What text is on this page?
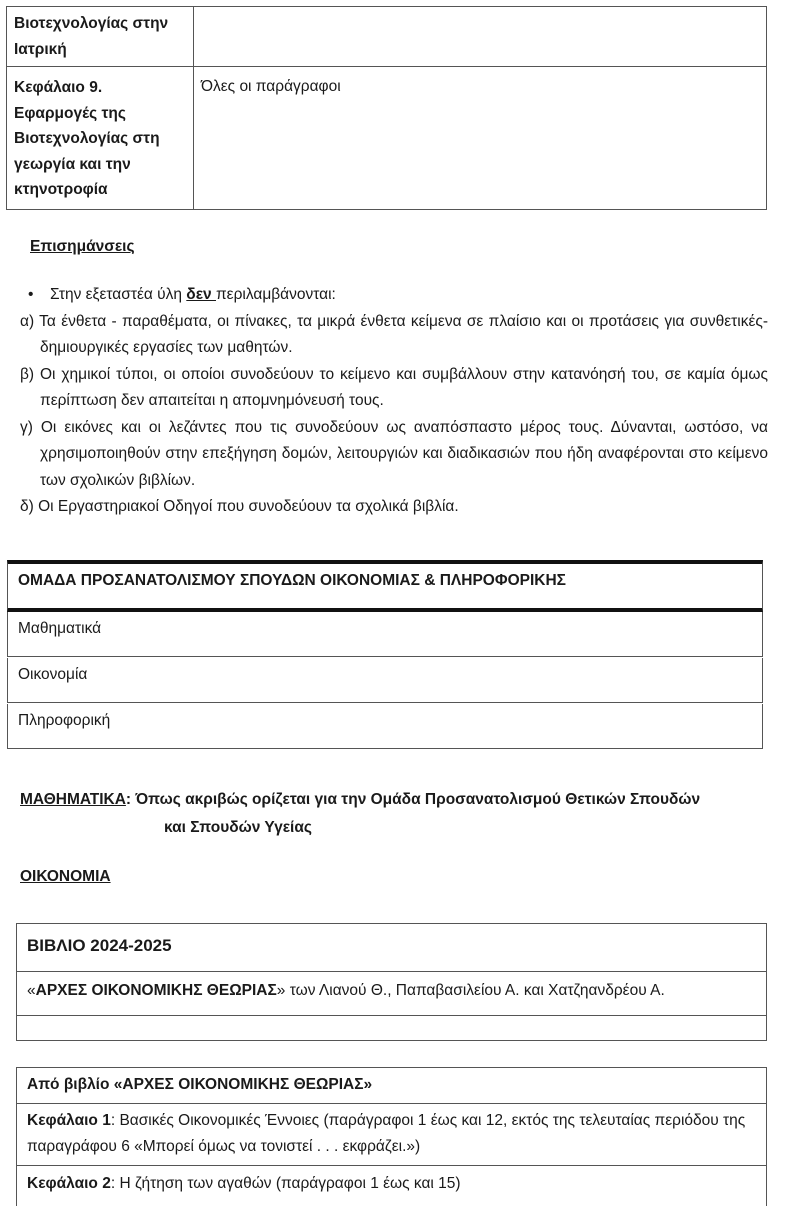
Βιοτεχνολογίας στην Ιατρική	
Κεφάλαιο 9. Εφαρμογές της Βιοτεχνολογίας στη γεωργία και την κτηνοτροφία	Όλες οι παράγραφοι
Επισημάνσεις

• Στην εξεταστέα ύλη δεν περιλαμβάνονται:

α) Τα ένθετα - παραθέματα, οι πίνακες, τα μικρά ένθετα κείμενα σε πλαίσιο και οι προτάσεις για συνθετικές-δημιουργικές εργασίες των μαθητών.

β) Οι χημικοί τύποι, οι οποίοι συνοδεύουν το κείμενο και συμβάλλουν στην κατανόησή του, σε καμία όμως περίπτωση δεν απαιτείται η απομνημόνευσή τους.

γ) Οι εικόνες και οι λεζάντες που τις συνοδεύουν ως αναπόσπαστο μέρος τους. Δύνανται, ωστόσο, να χρησιμοποιηθούν στην επεξήγηση δομών, λειτουργιών και διαδικασιών που ήδη αναφέρονται στο κείμενο των σχολικών βιβλίων.

δ) Οι Εργαστηριακοί Οδηγοί που συνοδεύουν τα σχολικά βιβλία.

ΟΜΑΔΑ ΠΡΟΣΑΝΑΤΟΛΙΣΜΟΥ ΣΠΟΥΔΩΝ ΟΙΚΟΝΟΜΙΑΣ & ΠΛΗΡΟΦΟΡΙΚΗΣ
Μαθηματικά
Οικονομία
Πληροφορική
ΜΑΘΗΜΑΤΙΚΑ: Όπως ακριβώς ορίζεται για την Ομάδα Προσανατολισμού Θετικών Σπουδών
και Σπουδών Υγείας
ΟΙΚΟΝΟΜΙΑ
ΒΙΒΛΙΟ 2024-2025
«ΑΡΧΕΣ ΟΙΚΟΝΟΜΙΚΗΣ ΘΕΩΡΙΑΣ» των Λιανού Θ., Παπαβασιλείου Α. και Χατζηανδρέου Α.
Από βιβλίο «ΑΡΧΕΣ ΟΙΚΟΝΟΜΙΚΗΣ ΘΕΩΡΙΑΣ»
Κεφάλαιο 1: Βασικές Οικονομικές Έννοιες (παράγραφοι 1 έως και 12, εκτός της τελευταίας περιόδου της παραγράφου 6 «Μπορεί όμως να τονιστεί . . . εκφράζει.»)
Κεφάλαιο 2: Η ζήτηση των αγαθών (παράγραφοι 1 έως και 15)
